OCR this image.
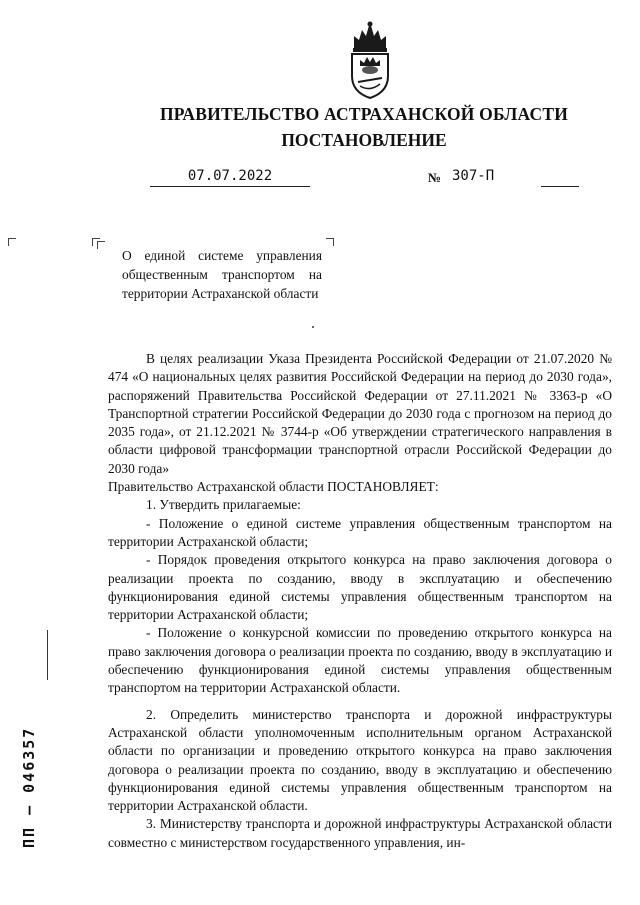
ПРАВИТЕЛЬСТВО АСТРАХАНСКОЙ ОБЛАСТИ
ПОСТАНОВЛЕНИЕ
07.07.2022	№ 307-П
О единой системе управления общественным транспортом на территории Астраханской области

В целях реализации Указа Президента Российской Федерации от 21.07.2020 № 474 «О национальных целях развития Российской Федерации на период до 2030 года», распоряжений Правительства Российской Федерации от 27.11.2021 № 3363-р «О Транспортной стратегии Российской Федерации до 2030 года с прогнозом на период до 2035 года», от 21.12.2021 № 3744-р «Об утверждении стратегического направления в области цифровой трансформации транспортной отрасли Российской Федерации до 2030 года»

Правительство Астраханской области ПОСТАНОВЛЯЕТ:

1. Утвердить прилагаемые:

- Положение о единой системе управления общественным транспортом на территории Астраханской области;

- Порядок проведения открытого конкурса на право заключения договора о реализации проекта по созданию, вводу в эксплуатацию и обеспечению функционирования единой системы управления общественным транспортом на территории Астраханской области;

- Положение о конкурсной комиссии по проведению открытого конкурса на право заключения договора о реализации проекта по созданию, вводу в эксплуатацию и обеспечению функционирования единой системы управления общественным транспортом на территории Астраханской области.

2. Определить министерство транспорта и дорожной инфраструктуры Астраханской области уполномоченным исполнительным органом Астраханской области по организации и проведению открытого конкурса на право заключения договора о реализации проекта по созданию, вводу в эксплуатацию и обеспечению функционирования единой системы управления общественным транспортом на территории Астраханской области.

3. Министерству транспорта и дорожной инфраструктуры Астраханской области совместно с министерством государственного управления, ин-

ПП – 046357
